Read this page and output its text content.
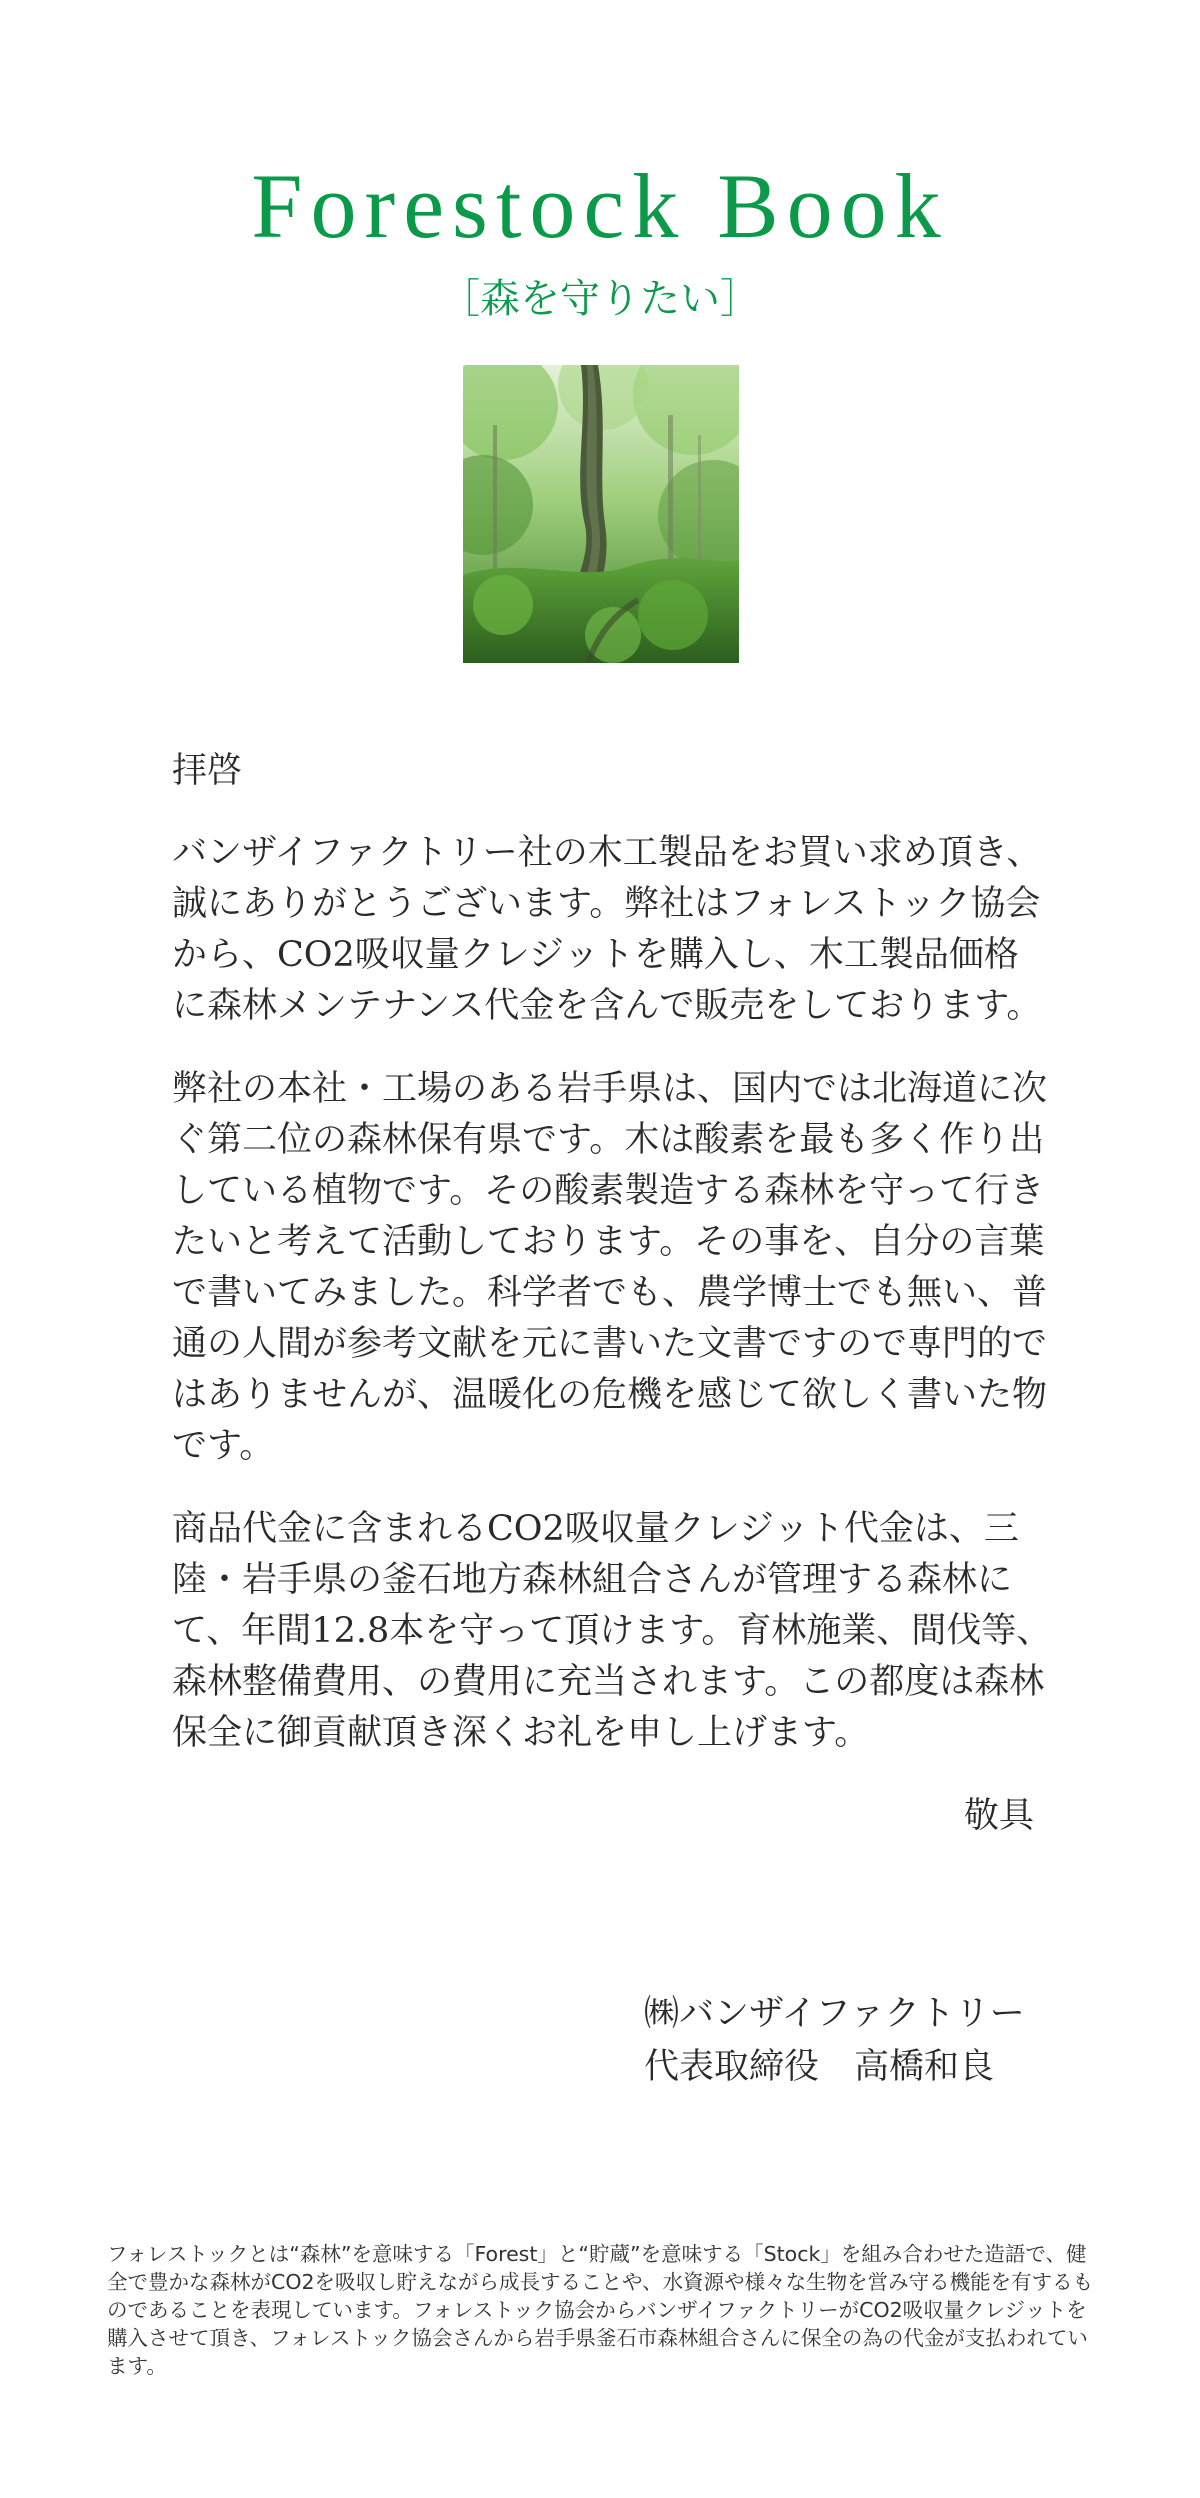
Forestock Book
［森を守りたい］

拝啓

バンザイファクトリー社の木工製品をお買い求め頂き、誠にありがとうございます。弊社はフォレストック協会から、CO2吸収量クレジットを購入し、木工製品価格に森林メンテナンス代金を含んで販売をしております。

弊社の本社・工場のある岩手県は、国内では北海道に次ぐ第二位の森林保有県です。木は酸素を最も多く作り出している植物です。その酸素製造する森林を守って行きたいと考えて活動しております。その事を、自分の言葉で書いてみました。科学者でも、農学博士でも無い、普通の人間が参考文献を元に書いた文書ですので専門的ではありませんが、温暖化の危機を感じて欲しく書いた物です。

商品代金に含まれるCO2吸収量クレジット代金は、三陸・岩手県の釜石地方森林組合さんが管理する森林にて、年間12.8本を守って頂けます。育林施業、間伐等、森林整備費用、の費用に充当されます。この都度は森林保全に御貢献頂き深くお礼を申し上げます。

敬具

㈱バンザイファクトリー
代表取締役　高橋和良

フォレストックとは“森林”を意味する「Forest」と“貯蔵”を意味する「Stock」を組み合わせた造語で、健全で豊かな森林がCO2を吸収し貯えながら成長することや、水資源や様々な生物を営み守る機能を有するものであることを表現しています。フォレストック協会からバンザイファクトリーがCO2吸収量クレジットを購入させて頂き、フォレストック協会さんから岩手県釜石市森林組合さんに保全の為の代金が支払われています。
